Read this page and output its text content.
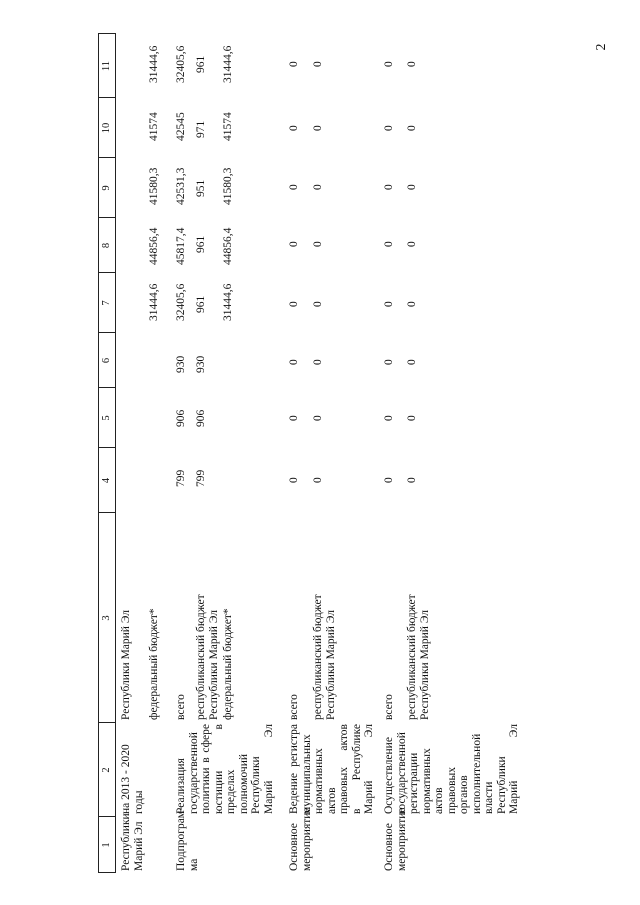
2
1
2
3
4
5
6
7
8
9
10
11
Республики
Марий Эл
на 2013 - 2020 годы
Республики Марий Эл федеральный бюджет*
31444,6
44856,4
41580,3
41574
31444,6
Подпрограм-
ма
Реализация
государственной
политики в сфере
юстиции в пределах
полномочий
Республики
Марий Эл
всего
799
906
930
32405,6
45817,4
42531,3
42545
32405,6
республиканский бюджет
Республики Марий Эл
799
906
930
961
961
951
971
961
федеральный бюджет*
31444,6
44856,4
41580,3
41574
31444,6
Основное
мероприятие
Ведение регистра
муниципальных
нормативных актов
правовых актов
в Республике
Марий Эл
всего
0
0
0
0
0
0
0
0
республиканский бюджет
Республики Марий Эл
0
0
0
0
0
0
0
0
Основное
мероприятие
Осуществление
государственной
регистрации
нормативных актов
правовых
органов
исполнительной
власти Республики
Марий Эл
всего
0
0
0
0
0
0
0
0
республиканский бюджет
Республики Марий Эл
0
0
0
0
0
0
0
0
